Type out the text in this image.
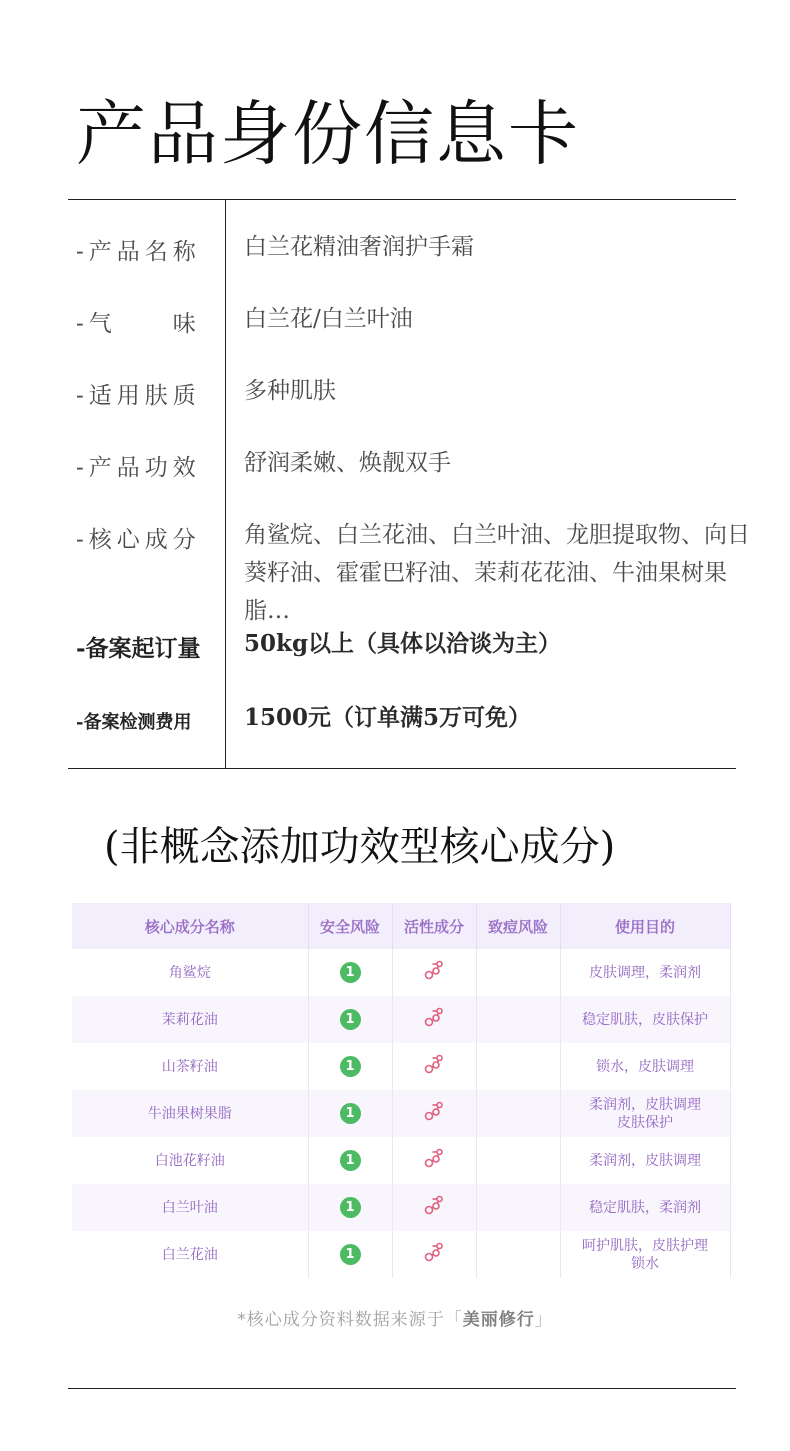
产品身份信息卡
-产品名称	白兰花精油奢润护手霜
-气　　味	白兰花/白兰叶油
-适用肤质	多种肌肤
-产品功效	舒润柔嫩、焕靓双手
-核心成分	角鲨烷、白兰花油、白兰叶油、龙胆提取物、向日葵籽油、霍霍巴籽油、茉莉花花油、牛油果树果脂…
-备案起订量	50kg以上（具体以洽谈为主）
-备案检测费用	1500元（订单满5万可免）
(非概念添加功效型核心成分)
核心成分名称	安全风险	活性成分	致痘风险	使用目的
角鲨烷	1			皮肤调理，柔润剂
茉莉花油	1			稳定肌肤，皮肤保护
山茶籽油	1			锁水，皮肤调理
牛油果树果脂	1			柔润剂，皮肤调理
皮肤保护
白池花籽油	1			柔润剂，皮肤调理
白兰叶油	1			稳定肌肤，柔润剂
白兰花油	1			呵护肌肤，皮肤护理
锁水
*核心成分资料数据来源于「美丽修行」
